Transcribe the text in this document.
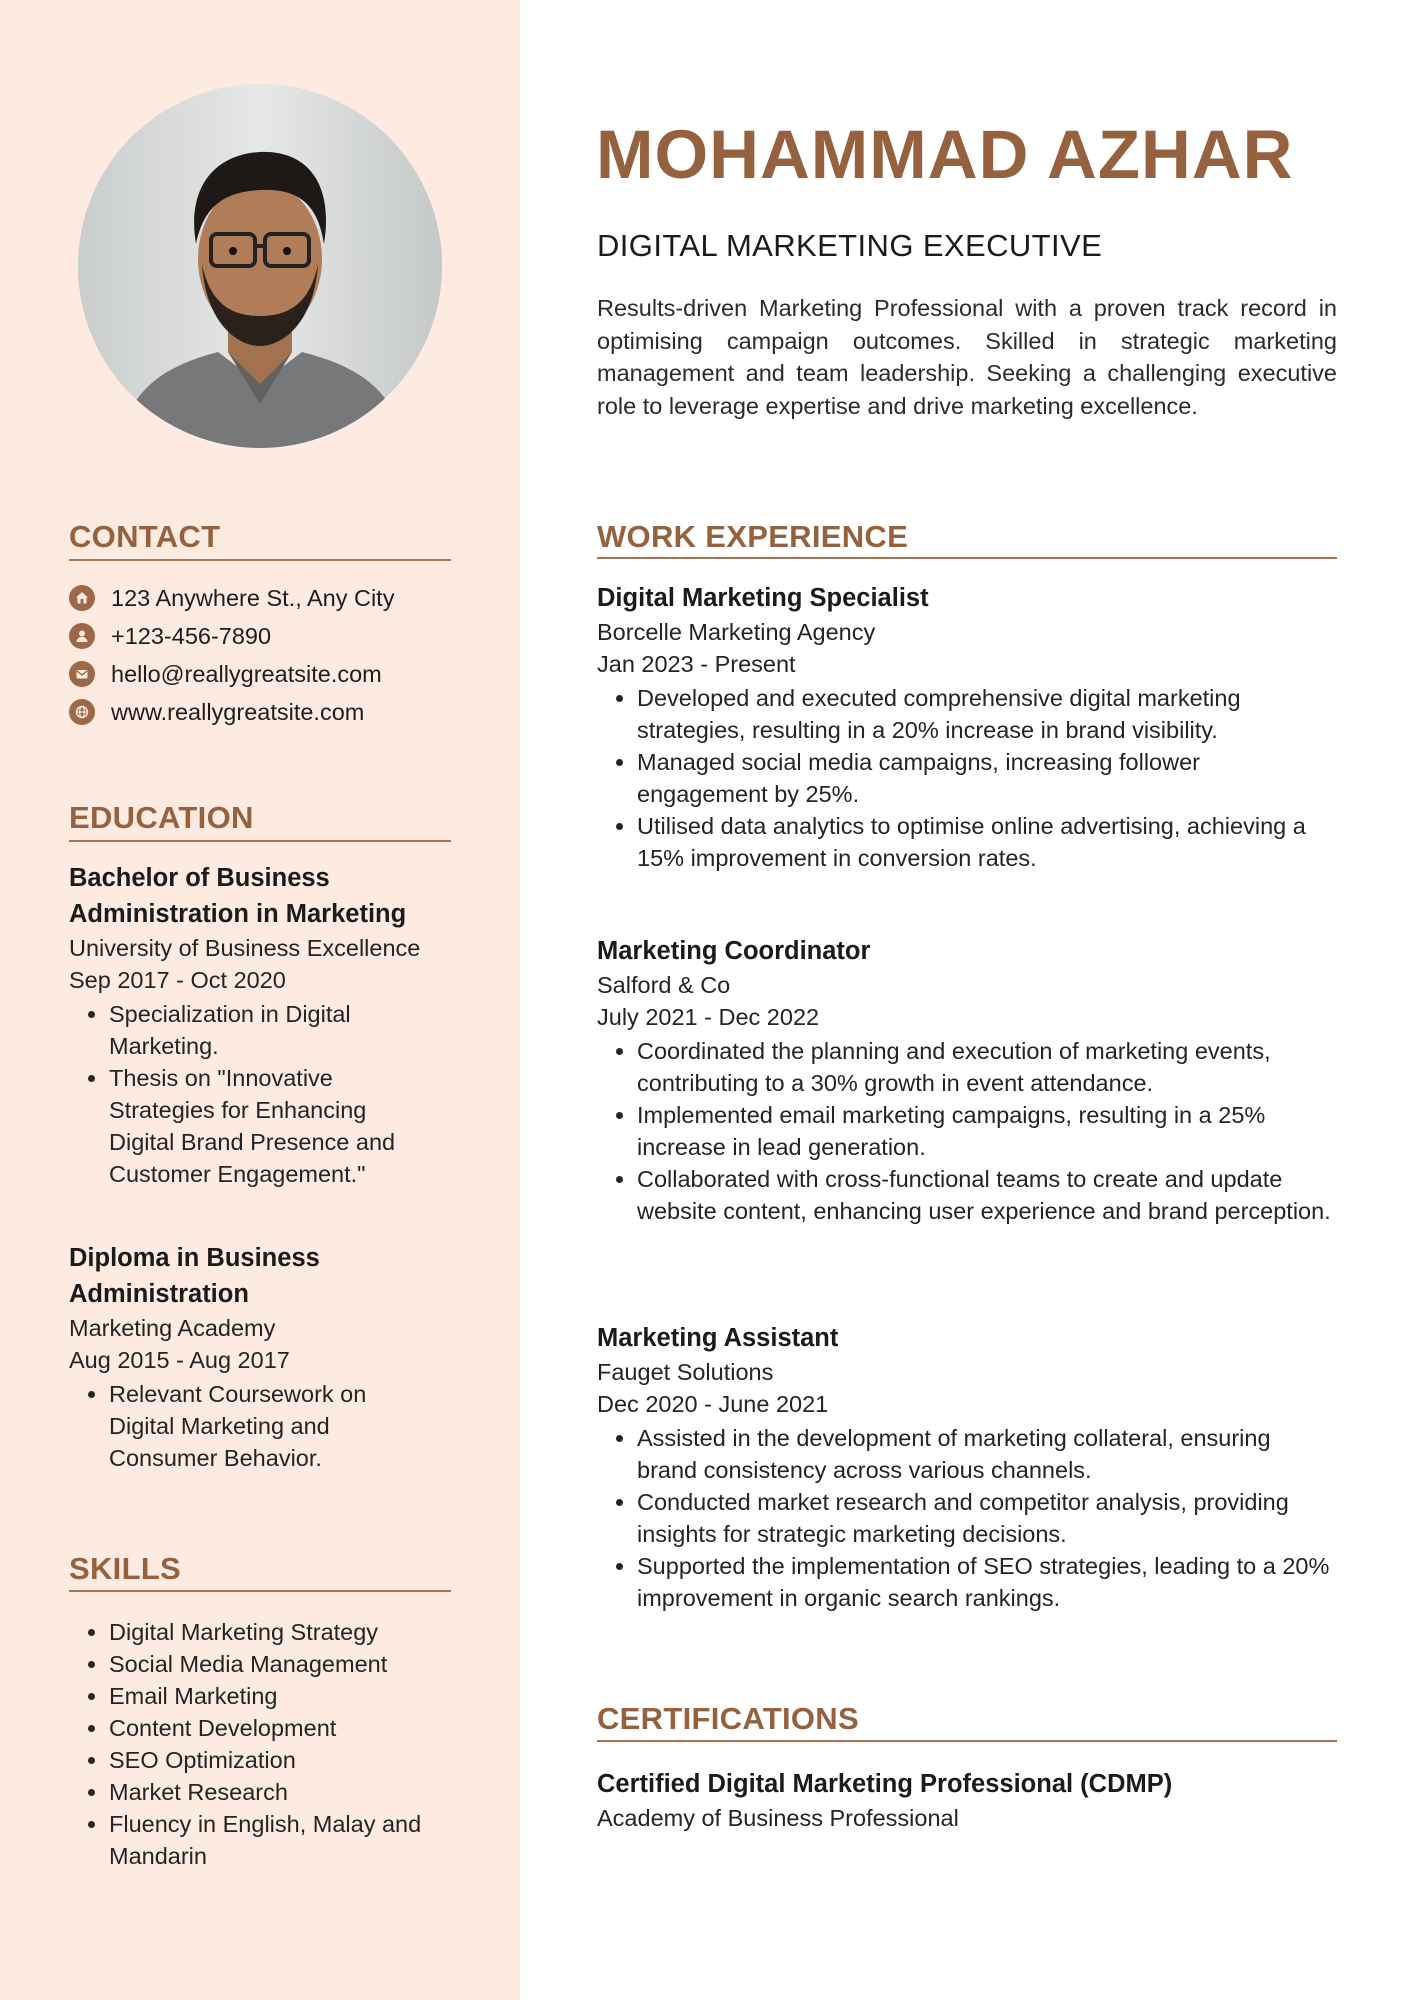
CONTACT
123 Anywhere St., Any City
+123-456-7890
hello@reallygreatsite.com
www.reallygreatsite.com
EDUCATION
Bachelor of Business Administration in Marketing
University of Business Excellence
Sep 2017 - Oct 2020
• Specialization in Digital Marketing.
• Thesis on "Innovative Strategies for Enhancing Digital Brand Presence and Customer Engagement."
Diploma in Business Administration
Marketing Academy
Aug 2015 - Aug 2017
• Relevant Coursework on Digital Marketing and Consumer Behavior.
SKILLS
• Digital Marketing Strategy
• Social Media Management
• Email Marketing
• Content Development
• SEO Optimization
• Market Research
• Fluency in English, Malay and Mandarin
MOHAMMAD AZHAR
DIGITAL MARKETING EXECUTIVE

Results-driven Marketing Professional with a proven track record in optimising campaign outcomes. Skilled in strategic marketing management and team leadership. Seeking a challenging executive role to leverage expertise and drive marketing excellence.

WORK EXPERIENCE
Digital Marketing Specialist
Borcelle Marketing Agency
Jan 2023 - Present
• Developed and executed comprehensive digital marketing strategies, resulting in a 20% increase in brand visibility.
• Managed social media campaigns, increasing follower engagement by 25%.
• Utilised data analytics to optimise online advertising, achieving a 15% improvement in conversion rates.
Marketing Coordinator
Salford & Co
July 2021 - Dec 2022
• Coordinated the planning and execution of marketing events, contributing to a 30% growth in event attendance.
• Implemented email marketing campaigns, resulting in a 25% increase in lead generation.
• Collaborated with cross-functional teams to create and update website content, enhancing user experience and brand perception.
Marketing Assistant
Fauget Solutions
Dec 2020 - June 2021
• Assisted in the development of marketing collateral, ensuring brand consistency across various channels.
• Conducted market research and competitor analysis, providing insights for strategic marketing decisions.
• Supported the implementation of SEO strategies, leading to a 20% improvement in organic search rankings.
CERTIFICATIONS
Certified Digital Marketing Professional (CDMP)
Academy of Business Professional
